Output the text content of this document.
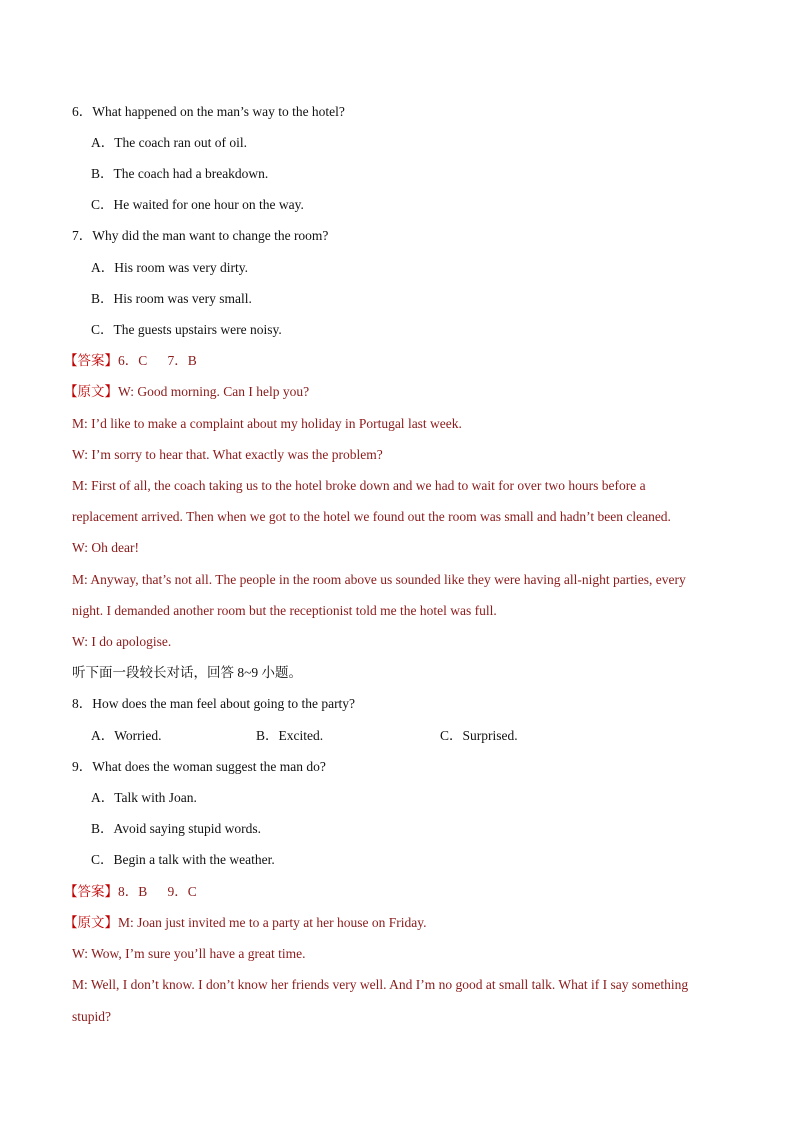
6．What happened on the man’s way to the hotel?
A．The coach ran out of oil.
B．The coach had a breakdown.
C．He waited for one hour on the way.
7．Why did the man want to change the room?
A．His room was very dirty.
B．His room was very small.
C．The guests upstairs were noisy.
【答案】6．C      7．B
【原文】W: Good morning. Can I help you?
M: I’d like to make a complaint about my holiday in Portugal last week.
W: I’m sorry to hear that. What exactly was the problem?
M: First of all, the coach taking us to the hotel broke down and we had to wait for over two hours before a
replacement arrived. Then when we got to the hotel we found out the room was small and hadn’t been cleaned.
W: Oh dear!
M: Anyway, that’s not all. The people in the room above us sounded like they were having all-night parties, every
night. I demanded another room but the receptionist told me the hotel was full.
W: I do apologise.
听下面一段较长对话，回答 8~9 小题。
8．How does the man feel about going to the party?
A．Worried.	B．Excited.	C．Surprised.
9．What does the woman suggest the man do?
A．Talk with Joan.
B．Avoid saying stupid words.
C．Begin a talk with the weather.
【答案】8．B      9．C
【原文】M: Joan just invited me to a party at her house on Friday.
W: Wow, I’m sure you’ll have a great time.
M: Well, I don’t know. I don’t know her friends very well. And I’m no good at small talk. What if I say something
stupid?
